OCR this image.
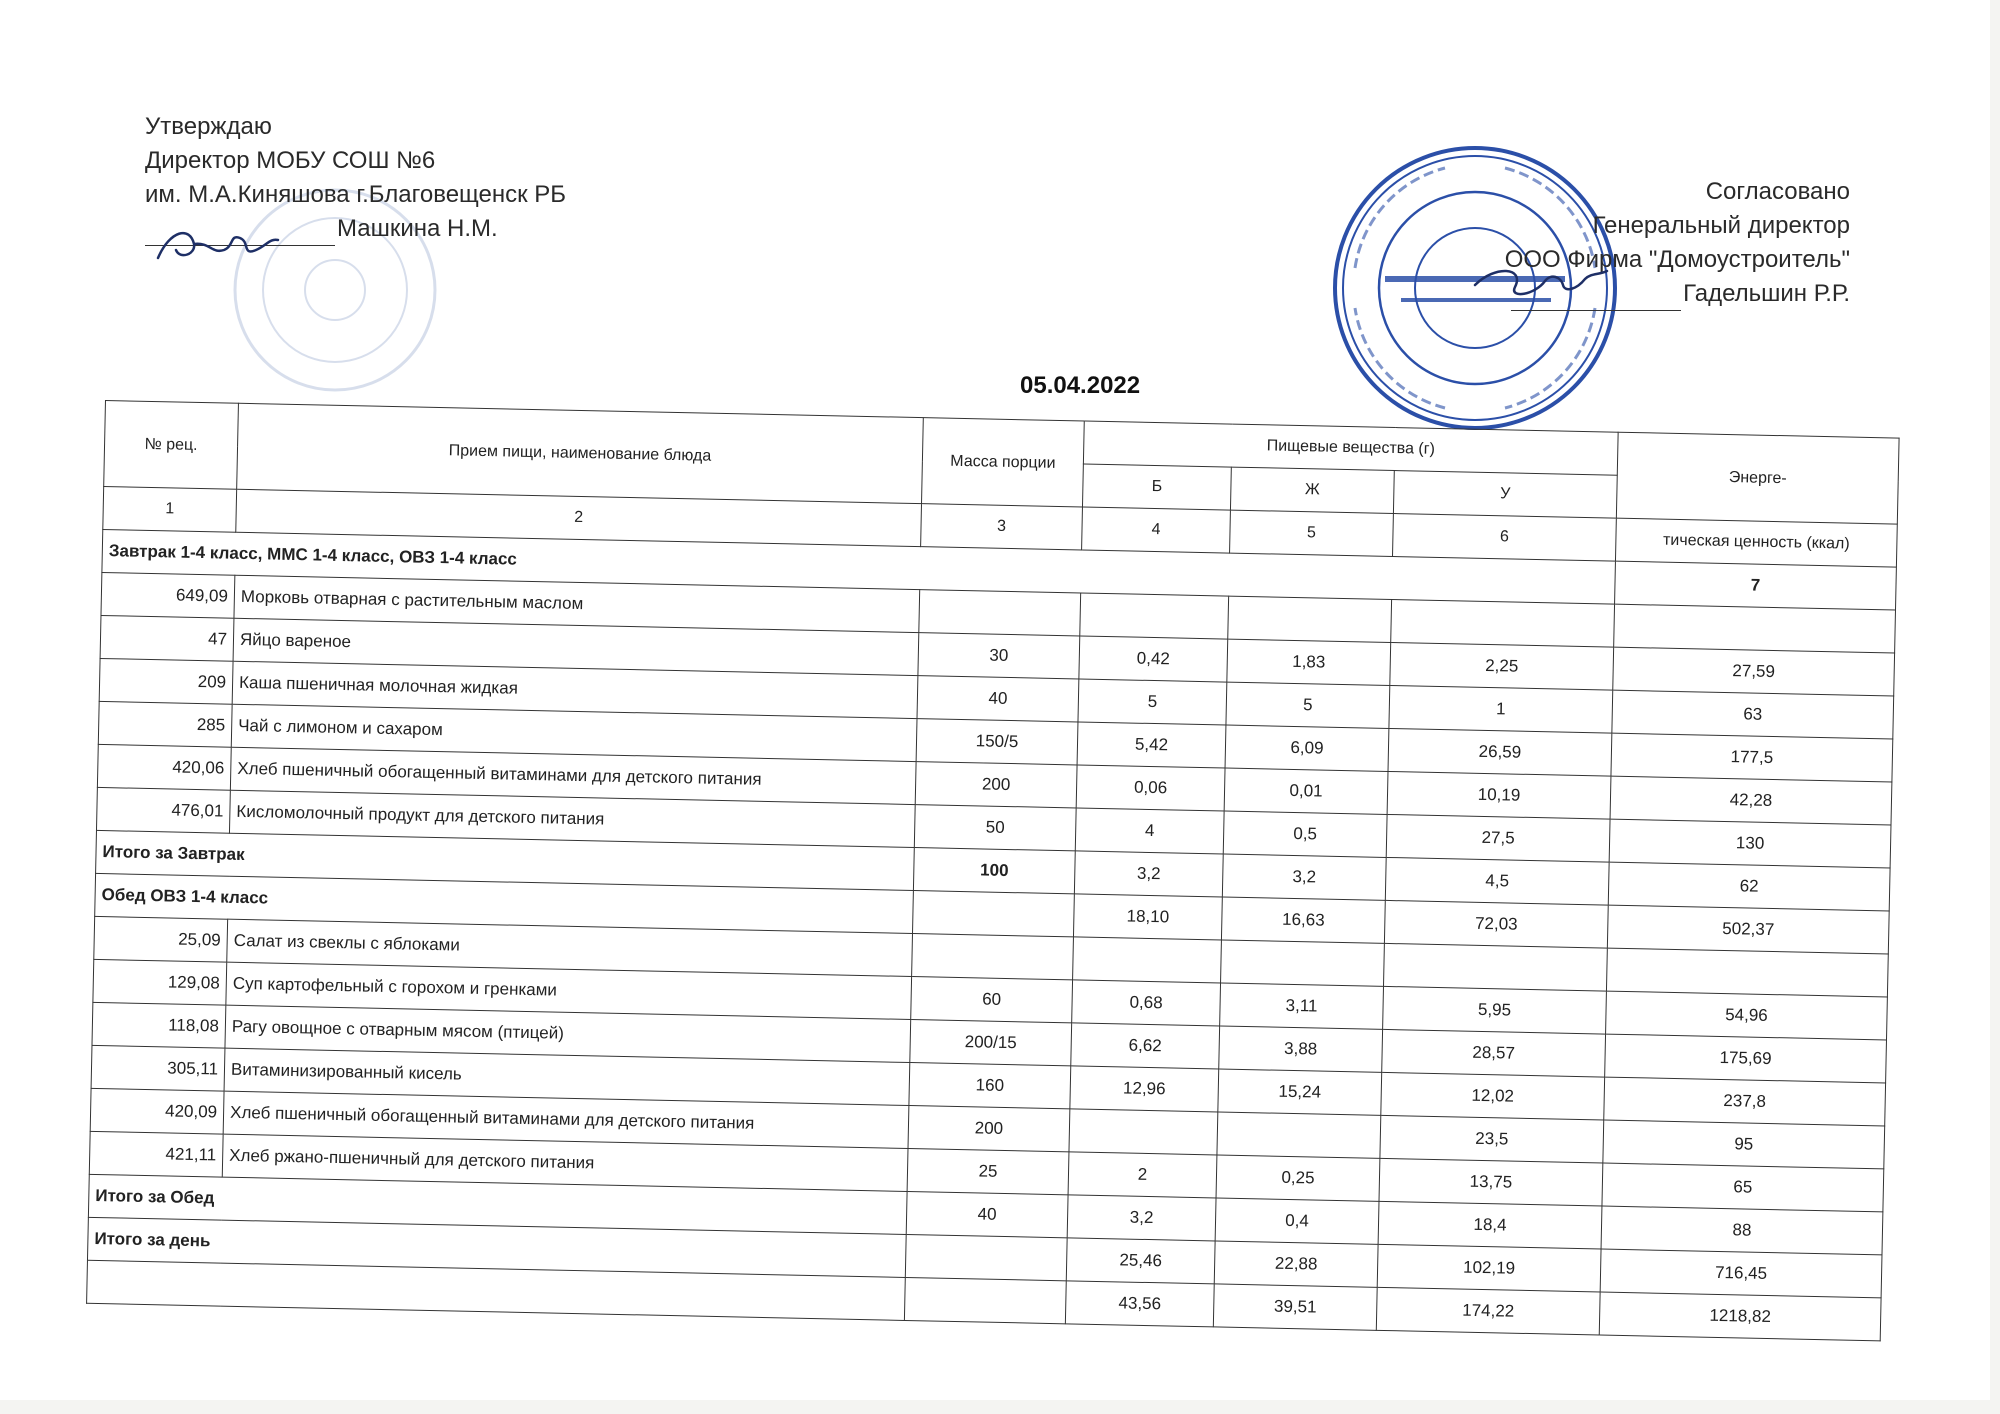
Утверждаю
Директор МОБУ СОШ №6
им. М.А.Киняшова г.Благовещенск РБ
Машкина Н.М.
Согласовано
Генеральный директор
ООО Фирма "Домоустроитель"
Гадельшин Р.Р.
05.04.2022
№ рец.	Прием пищи, наименование блюда	Масса порции	Пищевые вещества (г)			Энерге-
			Б	Ж	У	
1	2	3	4	5	6	тическая ценность (ккал)
Завтрак 1-4 класс, ММС 1-4 класс, ОВЗ 1-4 класс						7
649,09	Морковь отварная с растительным маслом					
47	Яйцо вареное	30	0,42	1,83	2,25	27,59
209	Каша пшеничная молочная жидкая	40	5	5	1	63
285	Чай с лимоном и сахаром	150/5	5,42	6,09	26,59	177,5
420,06	Хлеб пшеничный обогащенный витаминами для детского питания	200	0,06	0,01	10,19	42,28
476,01	Кисломолочный продукт для детского питания	50	4	0,5	27,5	130
Итого за Завтрак		100	3,2	3,2	4,5	62
Обед ОВЗ 1-4 класс			18,10	16,63	72,03	502,37
25,09	Салат из свеклы с яблоками					
129,08	Суп картофельный с горохом и гренками	60	0,68	3,11	5,95	54,96
118,08	Рагу овощное с отварным мясом (птицей)	200/15	6,62	3,88	28,57	175,69
305,11	Витаминизированный кисель	160	12,96	15,24	12,02	237,8
420,09	Хлеб пшеничный обогащенный витаминами для детского питания	200			23,5	95
421,11	Хлеб ржано-пшеничный для детского питания	25	2	0,25	13,75	65
Итого за Обед		40	3,2	0,4	18,4	88
Итого за день			25,46	22,88	102,19	716,45
			43,56	39,51	174,22	1218,82
